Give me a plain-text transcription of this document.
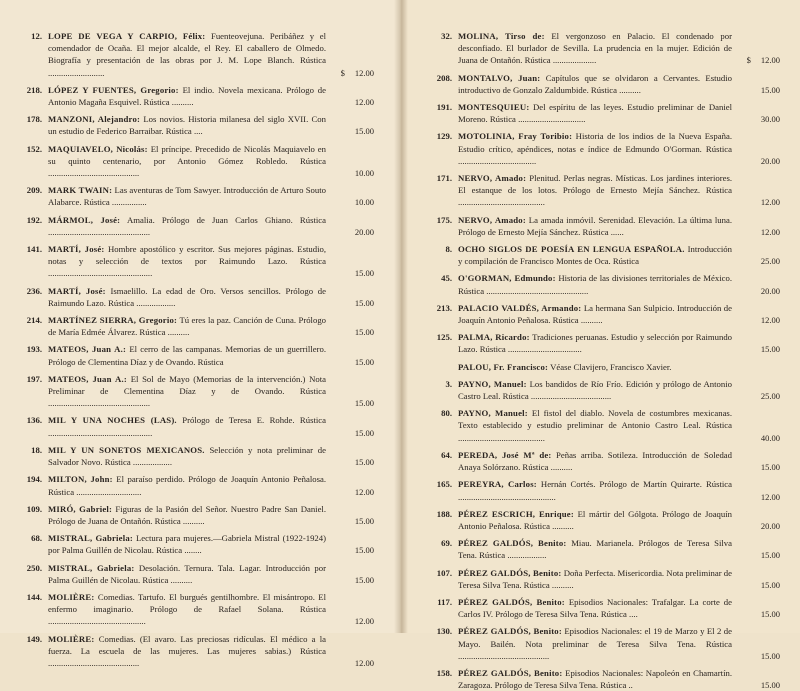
12. LOPE DE VEGA Y CARPIO, Félix: Fuenteovejuna. Peribáñez y el comendador de Ocaña. El mejor alcalde, el Rey. El caballero de Olmedo. Biografía y presentación de las obras por J. M. Lope Blanch. Rústica ..........................	$ 12.00
218. LÓPEZ Y FUENTES, Gregorio: El indio. Novela mexicana. Prólogo de Antonio Magaña Esquivel. Rústica ..........	12.00
178. MANZONI, Alejandro: Los novios. Historia milanesa del siglo XVII. Con un estudio de Federico Barraibar. Rústica ....	15.00
152. MAQUIAVELO, Nicolás: El príncipe. Precedido de Nicolás Maquiavelo en su quinto centenario, por Antonio Gómez Robledo. Rústica ..........................................	10.00
209. MARK TWAIN: Las aventuras de Tom Sawyer. Introducción de Arturo Souto Alabarce. Rústica ................	10.00
192. MÁRMOL, José: Amalia. Prólogo de Juan Carlos Ghiano. Rústica ...............................................	20.00
141. MARTÍ, José: Hombre apostólico y escritor. Sus mejores páginas. Estudio, notas y selección de textos por Raimundo Lazo. Rústica ................................................	15.00
236. MARTÍ, José: Ismaelillo. La edad de Oro. Versos sencillos. Prólogo de Raimundo Lazo. Rústica ..................	15.00
214. MARTÍNEZ SIERRA, Gregorio: Tú eres la paz. Canción de Cuna. Prólogo de María Edmée Álvarez. Rústica ..........	15.00
193. MATEOS, Juan A.: El cerro de las campanas. Memorias de un guerrillero. Prólogo de Clementina Díaz y de Ovando. Rústica	15.00
197. MATEOS, Juan A.: El Sol de Mayo (Memorias de la intervención.) Nota Preliminar de Clementina Díaz y de Ovando. Rústica ...............................................	15.00
136. MIL Y UNA NOCHES (LAS). Prólogo de Teresa E. Rohde. Rústica ................................................	15.00
18. MIL Y UN SONETOS MEXICANOS. Selección y nota preliminar de Salvador Novo. Rústica ..................	15.00
194. MILTON, John: El paraíso perdido. Prólogo de Joaquín Antonio Peñalosa. Rústica ..............................	12.00
109. MIRÓ, Gabriel: Figuras de la Pasión del Señor. Nuestro Padre San Daniel. Prólogo de Juana de Ontañón. Rústica ..........	15.00
68. MISTRAL, Gabriela: Lectura para mujeres.—Gabriela Mistral (1922-1924) por Palma Guillén de Nicolau. Rústica ........	15.00
250. MISTRAL, Gabriela: Desolación. Ternura. Tala. Lagar. Introducción por Palma Guillén de Nicolau. Rústica ..........	15.00
144. MOLIÈRE: Comedias. Tartufo. El burgués gentilhombre. El misántropo. El enfermo imaginario. Prólogo de Rafael Solana. Rústica .............................................	12.00
149. MOLIÈRE: Comedias. (El avaro. Las preciosas ridículas. El médico a la fuerza. La escuela de las mujeres. Las mujeres sabias.) Rústica ..........................................	12.00
32. MOLINA, Tirso de: El vergonzoso en Palacio. El condenado por desconfiado. El burlador de Sevilla. La prudencia en la mujer. Edición de Juana de Ontañón. Rústica ....................	$ 12.00
208. MONTALVO, Juan: Capítulos que se olvidaron a Cervantes. Estudio introductivo de Gonzalo Zaldumbide. Rústica ..........	15.00
191. MONTESQUIEU: Del espíritu de las leyes. Estudio preliminar de Daniel Moreno. Rústica ...............................	30.00
129. MOTOLINIA, Fray Toribio: Historia de los indios de la Nueva España. Estudio crítico, apéndices, notas e índice de Edmundo O'Gorman. Rústica ....................................	20.00
171. NERVO, Amado: Plenitud. Perlas negras. Místicas. Los jardines interiores. El estanque de los lotos. Prólogo de Ernesto Mejía Sánchez. Rústica ........................................	12.00
175. NERVO, Amado: La amada inmóvil. Serenidad. Elevación. La última luna. Prólogo de Ernesto Mejía Sánchez. Rústica ......	12.00
8. OCHO SIGLOS DE POESÍA EN LENGUA ESPAÑOLA. Introducción y compilación de Francisco Montes de Oca. Rústica	25.00
45. O'GORMAN, Edmundo: Historia de las divisiones territoriales de México. Rústica ...............................................	20.00
213. PALACIO VALDÉS, Armando: La hermana San Sulpicio. Introducción de Joaquín Antonio Peñalosa. Rústica ..........	12.00
125. PALMA, Ricardo: Tradiciones peruanas. Estudio y selección por Raimundo Lazo. Rústica ..................................	15.00
PALOU, Fr. Francisco: Véase Clavijero, Francisco Xavier.
3. PAYNO, Manuel: Los bandidos de Río Frío. Edición y prólogo de Antonio Castro Leal. Rústica .....................................	25.00
80. PAYNO, Manuel: El fistol del diablo. Novela de costumbres mexicanas. Texto establecido y estudio preliminar de Antonio Castro Leal. Rústica ........................................	40.00
64. PEREDA, José Mª de: Peñas arriba. Sotileza. Introducción de Soledad Anaya Solórzano. Rústica ..........	15.00
165. PEREYRA, Carlos: Hernán Cortés. Prólogo de Martín Quirarte. Rústica .............................................	12.00
188. PÉREZ ESCRICH, Enrique: El mártir del Gólgota. Prólogo de Joaquín Antonio Peñalosa. Rústica ..........	20.00
69. PÉREZ GALDÓS, Benito: Miau. Marianela. Prólogos de Teresa Silva Tena. Rústica ..................	15.00
107. PÉREZ GALDÓS, Benito: Doña Perfecta. Misericordia. Nota preliminar de Teresa Silva Tena. Rústica ..........	15.00
117. PÉREZ GALDÓS, Benito: Episodios Nacionales: Trafalgar. La corte de Carlos IV. Prólogo de Teresa Silva Tena. Rústica ....	15.00
130. PÉREZ GALDÓS, Benito: Episodios Nacionales: el 19 de Marzo y El 2 de Mayo. Bailén. Nota preliminar de Teresa Silva Tena. Rústica ..........................................	15.00
158. PÉREZ GALDÓS, Benito: Episodios Nacionales: Napoleón en Chamartín. Zaragoza. Prólogo de Teresa Silva Tena. Rústica ..	15.00
